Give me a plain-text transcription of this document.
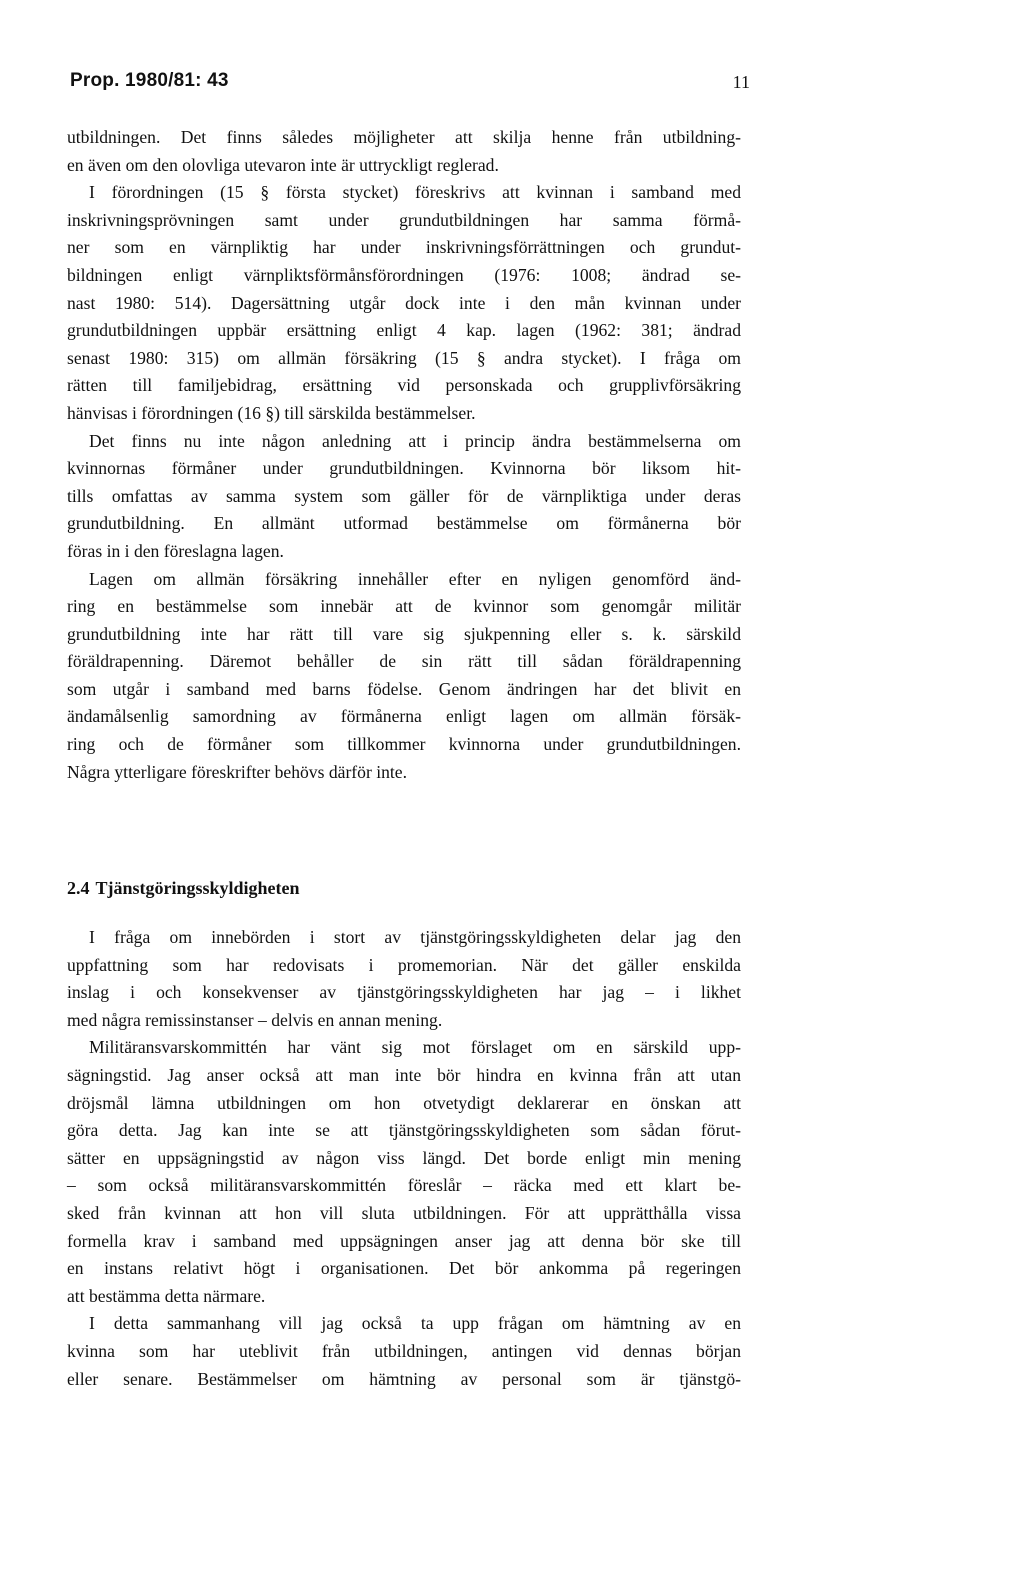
Prop. 1980/81: 43	11
utbildningen. Det finns således möjligheter att skilja henne från utbildning-
en även om den olovliga utevaron inte är uttryckligt reglerad.
I förordningen (15 § första stycket) föreskrivs att kvinnan i samband med
inskrivningsprövningen samt under grundutbildningen har samma förmå-
ner som en värnpliktig har under inskrivningsförrättningen och grundut-
bildningen enligt värnpliktsförmånsförordningen (1976: 1008; ändrad se-
nast 1980: 514). Dagersättning utgår dock inte i den mån kvinnan under
grundutbildningen uppbär ersättning enligt 4 kap. lagen (1962: 381; ändrad
senast 1980: 315) om allmän försäkring (15 § andra stycket). I fråga om
rätten till familjebidrag, ersättning vid personskada och grupplivförsäkring
hänvisas i förordningen (16 §) till särskilda bestämmelser.
Det finns nu inte någon anledning att i princip ändra bestämmelserna om
kvinnornas förmåner under grundutbildningen. Kvinnorna bör liksom hit-
tills omfattas av samma system som gäller för de värnpliktiga under deras
grundutbildning. En allmänt utformad bestämmelse om förmånerna bör
föras in i den föreslagna lagen.
Lagen om allmän försäkring innehåller efter en nyligen genomförd änd-
ring en bestämmelse som innebär att de kvinnor som genomgår militär
grundutbildning inte har rätt till vare sig sjukpenning eller s. k. särskild
föräldrapenning. Däremot behåller de sin rätt till sådan föräldrapenning
som utgår i samband med barns födelse. Genom ändringen har det blivit en
ändamålsenlig samordning av förmånerna enligt lagen om allmän försäk-
ring och de förmåner som tillkommer kvinnorna under grundutbildningen.
Några ytterligare föreskrifter behövs därför inte.
2.4 Tjänstgöringsskyldigheten
I fråga om innebörden i stort av tjänstgöringsskyldigheten delar jag den
uppfattning som har redovisats i promemorian. När det gäller enskilda
inslag i och konsekvenser av tjänstgöringsskyldigheten har jag – i likhet
med några remissinstanser – delvis en annan mening.
Militäransvarskommittén har vänt sig mot förslaget om en särskild upp-
sägningstid. Jag anser också att man inte bör hindra en kvinna från att utan
dröjsmål lämna utbildningen om hon otvetydigt deklarerar en önskan att
göra detta. Jag kan inte se att tjänstgöringsskyldigheten som sådan förut-
sätter en uppsägningstid av någon viss längd. Det borde enligt min mening
– som också militäransvarskommittén föreslår – räcka med ett klart be-
sked från kvinnan att hon vill sluta utbildningen. För att upprätthålla vissa
formella krav i samband med uppsägningen anser jag att denna bör ske till
en instans relativt högt i organisationen. Det bör ankomma på regeringen
att bestämma detta närmare.
I detta sammanhang vill jag också ta upp frågan om hämtning av en
kvinna som har uteblivit från utbildningen, antingen vid dennas början
eller senare. Bestämmelser om hämtning av personal som är tjänstgö-
